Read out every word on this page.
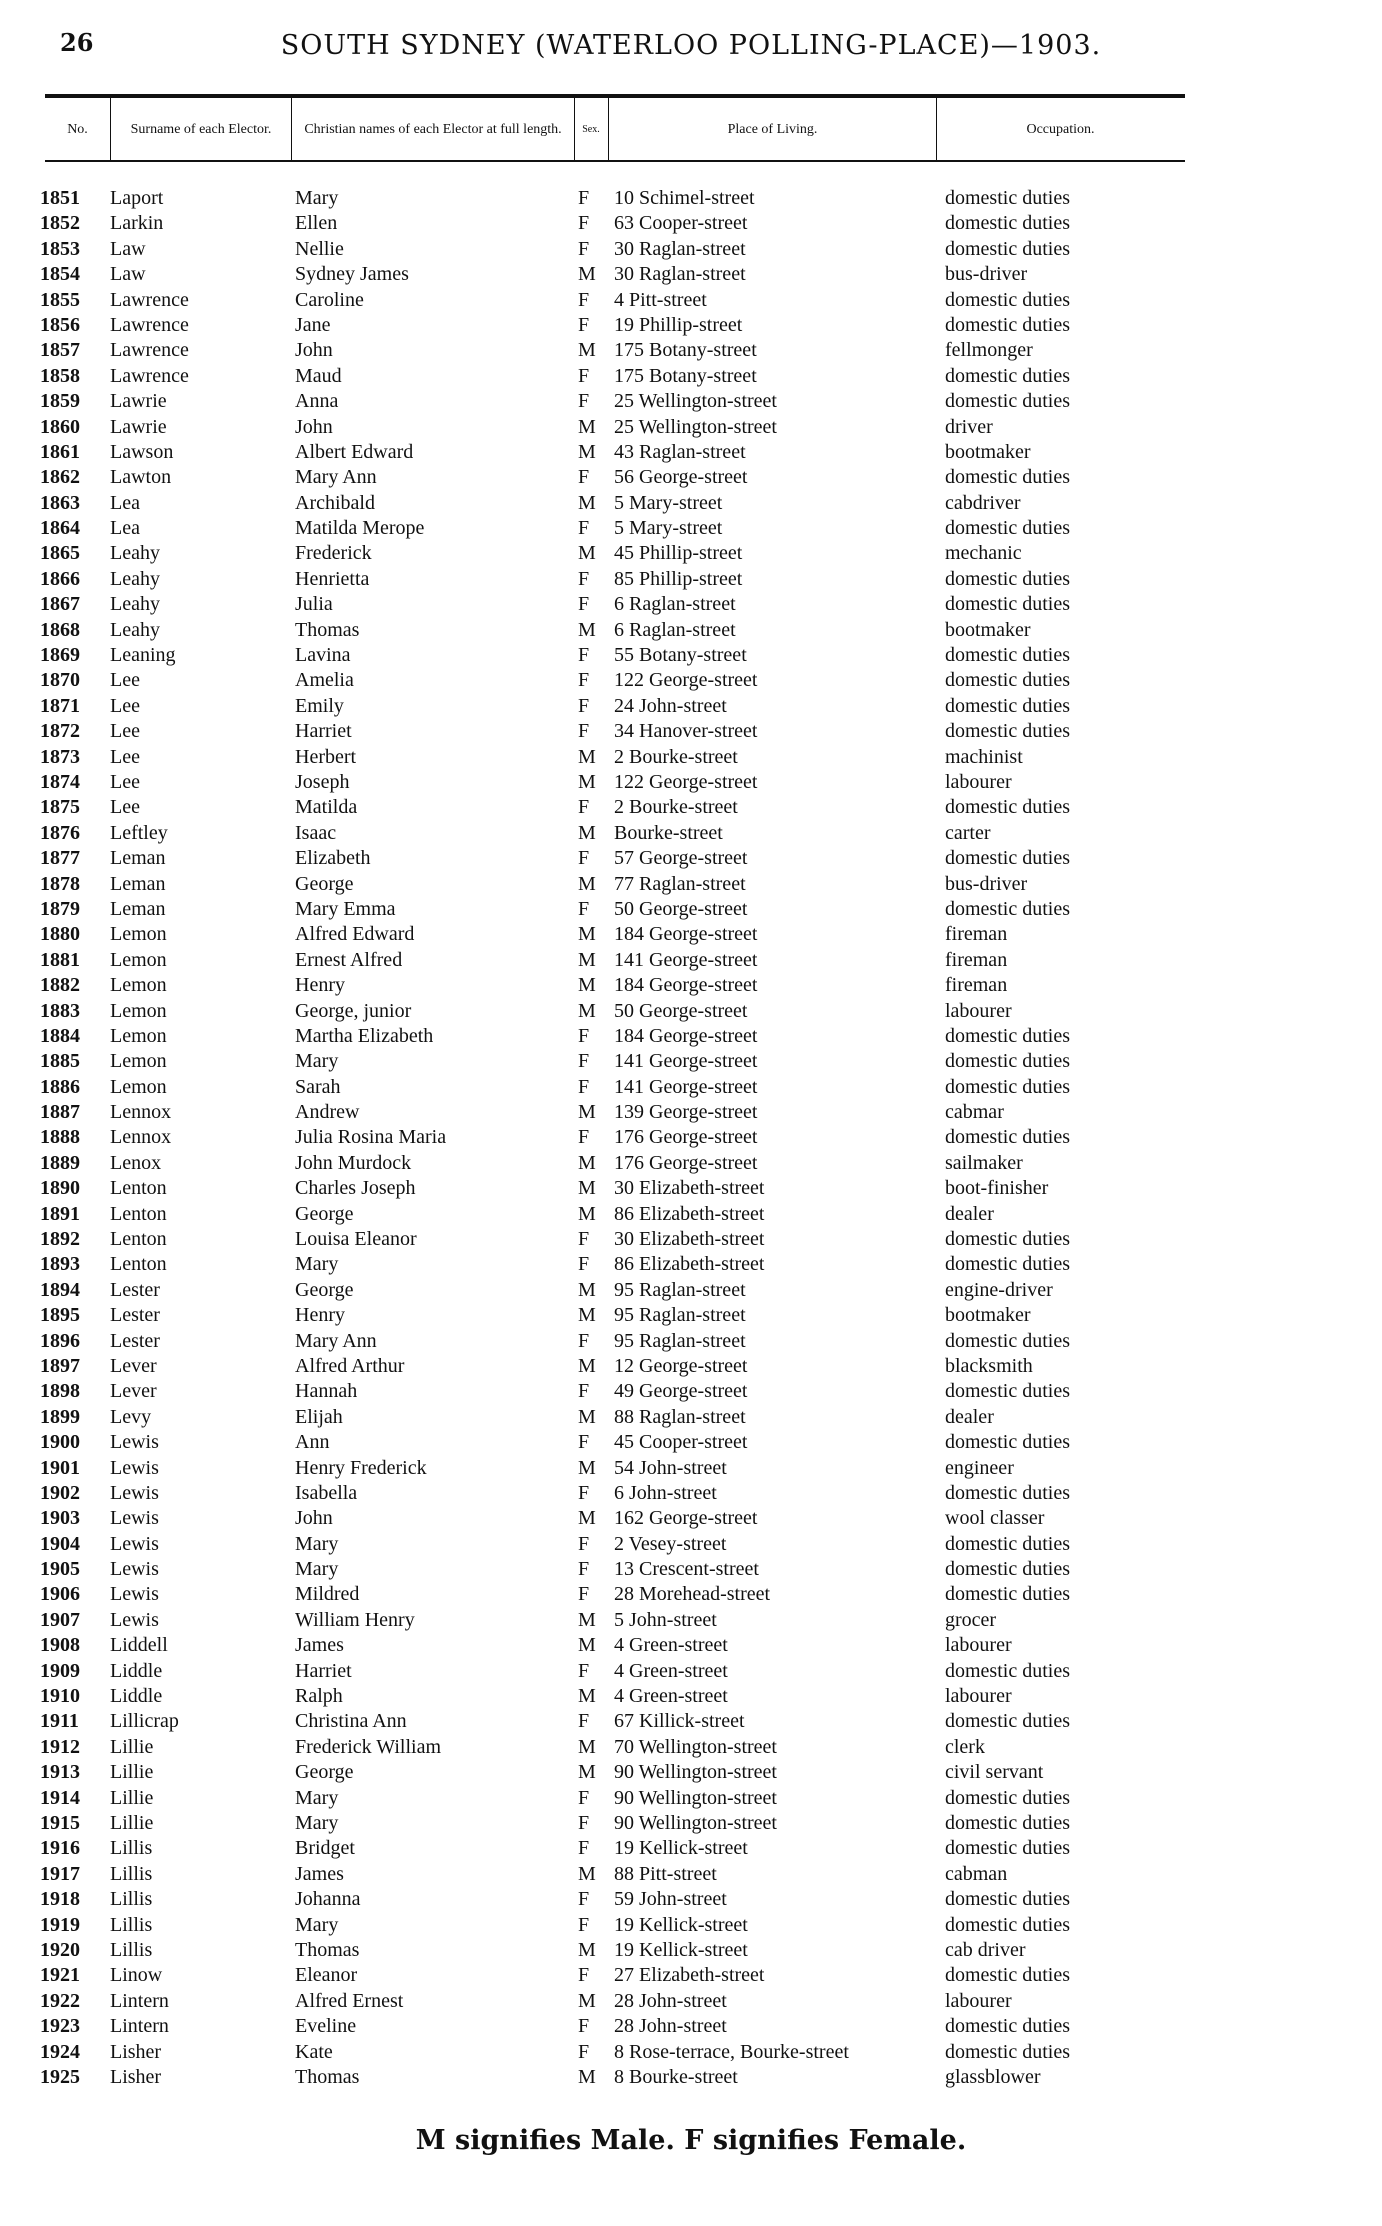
26	SOUTH SYDNEY (WATERLOO POLLING-PLACE)—1903.
No.	Surname of each Elector.	Christian names of each Elector at full length.	Sex.	Place of Living.	Occupation.
1851 Laport	Mary	F 10 Schimel-street	domestic duties
1852 Larkin	Ellen	F 63 Cooper-street	domestic duties
1853 Law	Nellie	F 30 Raglan-street	domestic duties
1854 Law	Sydney James	M 30 Raglan-street	bus-driver
1855 Lawrence	Caroline	F 4 Pitt-street	domestic duties
1856 Lawrence	Jane	F 19 Phillip-street	domestic duties
1857 Lawrence	John	M 175 Botany-street	fellmonger
1858 Lawrence	Maud	F 175 Botany-street	domestic duties
1859 Lawrie	Anna	F 25 Wellington-street	domestic duties
1860 Lawrie	John	M 25 Wellington-street	driver
1861 Lawson	Albert Edward	M 43 Raglan-street	bootmaker
1862 Lawton	Mary Ann	F 56 George-street	domestic duties
1863 Lea	Archibald	M 5 Mary-street	cabdriver
1864 Lea	Matilda Merope	F 5 Mary-street	domestic duties
1865 Leahy	Frederick	M 45 Phillip-street	mechanic
1866 Leahy	Henrietta	F 85 Phillip-street	domestic duties
1867 Leahy	Julia	F 6 Raglan-street	domestic duties
1868 Leahy	Thomas	M 6 Raglan-street	bootmaker
1869 Leaning	Lavina	F 55 Botany-street	domestic duties
1870 Lee	Amelia	F 122 George-street	domestic duties
1871 Lee	Emily	F 24 John-street	domestic duties
1872 Lee	Harriet	F 34 Hanover-street	domestic duties
1873 Lee	Herbert	M 2 Bourke-street	machinist
1874 Lee	Joseph	M 122 George-street	labourer
1875 Lee	Matilda	F 2 Bourke-street	domestic duties
1876 Leftley	Isaac	M Bourke-street	carter
1877 Leman	Elizabeth	F 57 George-street	domestic duties
1878 Leman	George	M 77 Raglan-street	bus-driver
1879 Leman	Mary Emma	F 50 George-street	domestic duties
1880 Lemon	Alfred Edward	M 184 George-street	fireman
1881 Lemon	Ernest Alfred	M 141 George-street	fireman
1882 Lemon	Henry	M 184 George-street	fireman
1883 Lemon	George, junior	M 50 George-street	labourer
1884 Lemon	Martha Elizabeth	F 184 George-street	domestic duties
1885 Lemon	Mary	F 141 George-street	domestic duties
1886 Lemon	Sarah	F 141 George-street	domestic duties
1887 Lennox	Andrew	M 139 George-street	cabmar
1888 Lennox	Julia Rosina Maria	F 176 George-street	domestic duties
1889 Lenox	John Murdock	M 176 George-street	sailmaker
1890 Lenton	Charles Joseph	M 30 Elizabeth-street	boot-finisher
1891 Lenton	George	M 86 Elizabeth-street	dealer
1892 Lenton	Louisa Eleanor	F 30 Elizabeth-street	domestic duties
1893 Lenton	Mary	F 86 Elizabeth-street	domestic duties
1894 Lester	George	M 95 Raglan-street	engine-driver
1895 Lester	Henry	M 95 Raglan-street	bootmaker
1896 Lester	Mary Ann	F 95 Raglan-street	domestic duties
1897 Lever	Alfred Arthur	M 12 George-street	blacksmith
1898 Lever	Hannah	F 49 George-street	domestic duties
1899 Levy	Elijah	M 88 Raglan-street	dealer
1900 Lewis	Ann	F 45 Cooper-street	domestic duties
1901 Lewis	Henry Frederick	M 54 John-street	engineer
1902 Lewis	Isabella	F 6 John-street	domestic duties
1903 Lewis	John	M 162 George-street	wool classer
1904 Lewis	Mary	F 2 Vesey-street	domestic duties
1905 Lewis	Mary	F 13 Crescent-street	domestic duties
1906 Lewis	Mildred	F 28 Morehead-street	domestic duties
1907 Lewis	William Henry	M 5 John-street	grocer
1908 Liddell	James	M 4 Green-street	labourer
1909 Liddle	Harriet	F 4 Green-street	domestic duties
1910 Liddle	Ralph	M 4 Green-street	labourer
1911 Lillicrap	Christina Ann	F 67 Killick-street	domestic duties
1912 Lillie	Frederick William	M 70 Wellington-street	clerk
1913 Lillie	George	M 90 Wellington-street	civil servant
1914 Lillie	Mary	F 90 Wellington-street	domestic duties
1915 Lillie	Mary	F 90 Wellington-street	domestic duties
1916 Lillis	Bridget	F 19 Kellick-street	domestic duties
1917 Lillis	James	M 88 Pitt-street	cabman
1918 Lillis	Johanna	F 59 John-street	domestic duties
1919 Lillis	Mary	F 19 Kellick-street	domestic duties
1920 Lillis	Thomas	M 19 Kellick-street	cab driver
1921 Linow	Eleanor	F 27 Elizabeth-street	domestic duties
1922 Lintern	Alfred Ernest	M 28 John-street	labourer
1923 Lintern	Eveline	F 28 John-street	domestic duties
1924 Lisher	Kate	F 8 Rose-terrace, Bourke-street	domestic duties
1925 Lisher	Thomas	M 8 Bourke-street	glassblower
M signifies Male. F signifies Female.
